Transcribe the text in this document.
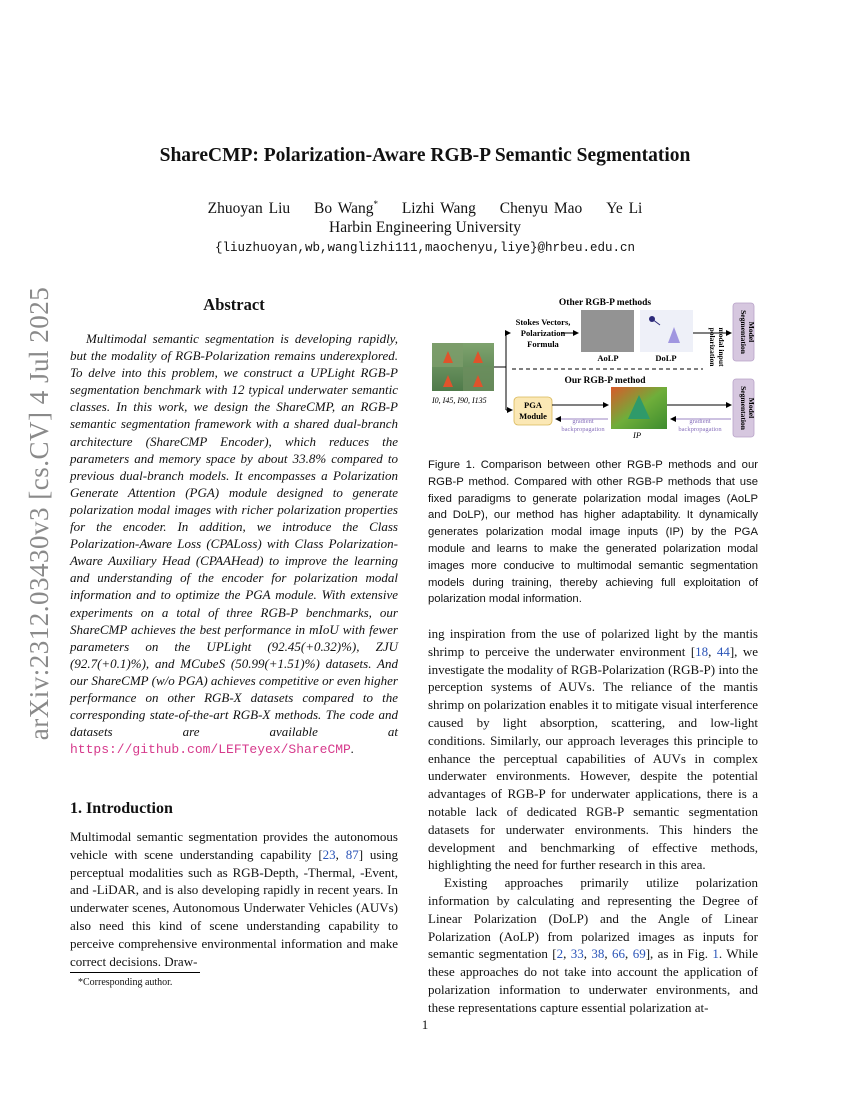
arXiv:2312.03430v3 [cs.CV] 4 Jul 2025
ShareCMP: Polarization-Aware RGB-P Semantic Segmentation
Zhuoyan Liu Bo Wang* Lizhi Wang Chenyu Mao Ye Li
Harbin Engineering University
{liuzhuoyan,wb,wanglizhi111,maochenyu,liye}@hrbeu.edu.cn
Abstract

Multimodal semantic segmentation is developing rapidly, but the modality of RGB-Polarization remains underexplored. To delve into this problem, we construct a UPLight RGB-P segmentation benchmark with 12 typical underwater semantic classes. In this work, we design the ShareCMP, an RGB-P semantic segmentation framework with a shared dual-branch architecture (ShareCMP Encoder), which reduces the parameters and memory space by about 33.8% compared to previous dual-branch models. It encompasses a Polarization Generate Attention (PGA) module designed to generate polarization modal images with richer polarization properties for the encoder. In addition, we introduce the Class Polarization-Aware Loss (CPALoss) with Class Polarization-Aware Auxiliary Head (CPAAHead) to improve the learning and understanding of the encoder for polarization modal information and to optimize the PGA module. With extensive experiments on a total of three RGB-P benchmarks, our ShareCMP achieves the best performance in mIoU with fewer parameters on the UPLight (92.45(+0.32)%), ZJU (92.7(+0.1)%), and MCubeS (50.99(+1.51)%) datasets. And our ShareCMP (w/o PGA) achieves competitive or even higher performance on other RGB-X datasets compared to the corresponding state-of-the-art RGB-X methods. The code and datasets are available at https://github.com/LEFTeyex/ShareCMP.

1. Introduction

Multimodal semantic segmentation provides the autonomous vehicle with scene understanding capability [23, 87] using perceptual modalities such as RGB-Depth, -Thermal, -Event, and -LiDAR, and is also developing rapidly in recent years. In underwater scenes, Autonomous Underwater Vehicles (AUVs) also need this kind of scene understanding capability to perceive comprehensive environmental information and make correct decisions. Draw-

*Corresponding author.
Other RGB-P methods
I0, I45, I90, I135
Stokes Vectors,
Polarization
Formula
AoLP	DoLP	polarization modal input Segmentation Model
Segmentation Model
Our RGB-P method
PGA
Module
gradient
backpropagation
IP
gradient
backpropagation

Figure 1. Comparison between other RGB-P methods and our RGB-P method. Compared with other RGB-P methods that use fixed paradigms to generate polarization modal images (AoLP and DoLP), our method has higher adaptability. It dynamically generates polarization modal image inputs (IP) by the PGA module and learns to make the generated polarization modal images more conducive to multimodal semantic segmentation models during training, thereby achieving full exploitation of polarization modal information.

ing inspiration from the use of polarized light by the mantis shrimp to perceive the underwater environment [18, 44], we investigate the modality of RGB-Polarization (RGB-P) into the perception systems of AUVs. The reliance of the mantis shrimp on polarization enables it to mitigate visual interference caused by light absorption, scattering, and low-light conditions. Similarly, our approach leverages this principle to enhance the perceptual capabilities of AUVs in complex underwater environments. However, despite the potential advantages of RGB-P for underwater applications, there is a notable lack of dedicated RGB-P semantic segmentation datasets for underwater environments. This hinders the development and benchmarking of effective methods, highlighting the need for further research in this area.

Existing approaches primarily utilize polarization information by calculating and representing the Degree of Linear Polarization (DoLP) and the Angle of Linear Polarization (AoLP) from polarized images as inputs for semantic segmentation [2, 33, 38, 66, 69], as in Fig. 1. While these approaches do not take into account the application of polarization information to underwater environments, and these representations capture essential polarization at-

1
